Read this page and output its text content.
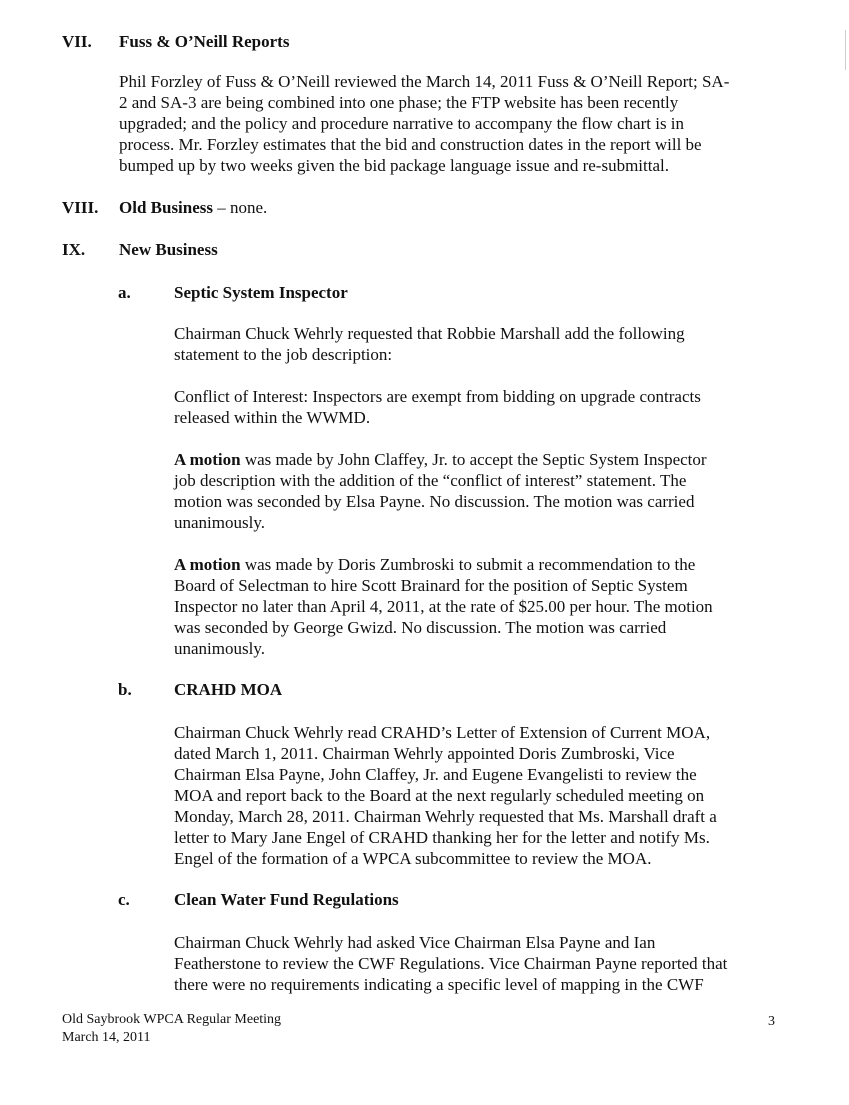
VII. Fuss & O’Neill Reports
Phil Forzley of Fuss & O’Neill reviewed the March 14, 2011 Fuss & O’Neill Report; SA-
2 and SA-3 are being combined into one phase; the FTP website has been recently
upgraded; and the policy and procedure narrative to accompany the flow chart is in
process. Mr. Forzley estimates that the bid and construction dates in the report will be
bumped up by two weeks given the bid package language issue and re-submittal.
VIII. Old Business – none.
IX. New Business
a.	Septic System Inspector
Chairman Chuck Wehrly requested that Robbie Marshall add the following
statement to the job description:
Conflict of Interest: Inspectors are exempt from bidding on upgrade contracts
released within the WWMD.
A motion was made by John Claffey, Jr. to accept the Septic System Inspector
job description with the addition of the “conflict of interest” statement. The
motion was seconded by Elsa Payne. No discussion. The motion was carried
unanimously.
A motion was made by Doris Zumbroski to submit a recommendation to the
Board of Selectman to hire Scott Brainard for the position of Septic System
Inspector no later than April 4, 2011, at the rate of $25.00 per hour. The motion
was seconded by George Gwizd. No discussion. The motion was carried
unanimously.
b. CRAHD MOA
Chairman Chuck Wehrly read CRAHD’s Letter of Extension of Current MOA,
dated March 1, 2011. Chairman Wehrly appointed Doris Zumbroski, Vice
Chairman Elsa Payne, John Claffey, Jr. and Eugene Evangelisti to review the
MOA and report back to the Board at the next regularly scheduled meeting on
Monday, March 28, 2011. Chairman Wehrly requested that Ms. Marshall draft a
letter to Mary Jane Engel of CRAHD thanking her for the letter and notify Ms.
Engel of the formation of a WPCA subcommittee to review the MOA.
c.	Clean Water Fund Regulations
Chairman Chuck Wehrly had asked Vice Chairman Elsa Payne and Ian
Featherstone to review the CWF Regulations. Vice Chairman Payne reported that
there were no requirements indicating a specific level of mapping in the CWF
Old Saybrook WPCA Regular Meeting
March 14, 2011
3
